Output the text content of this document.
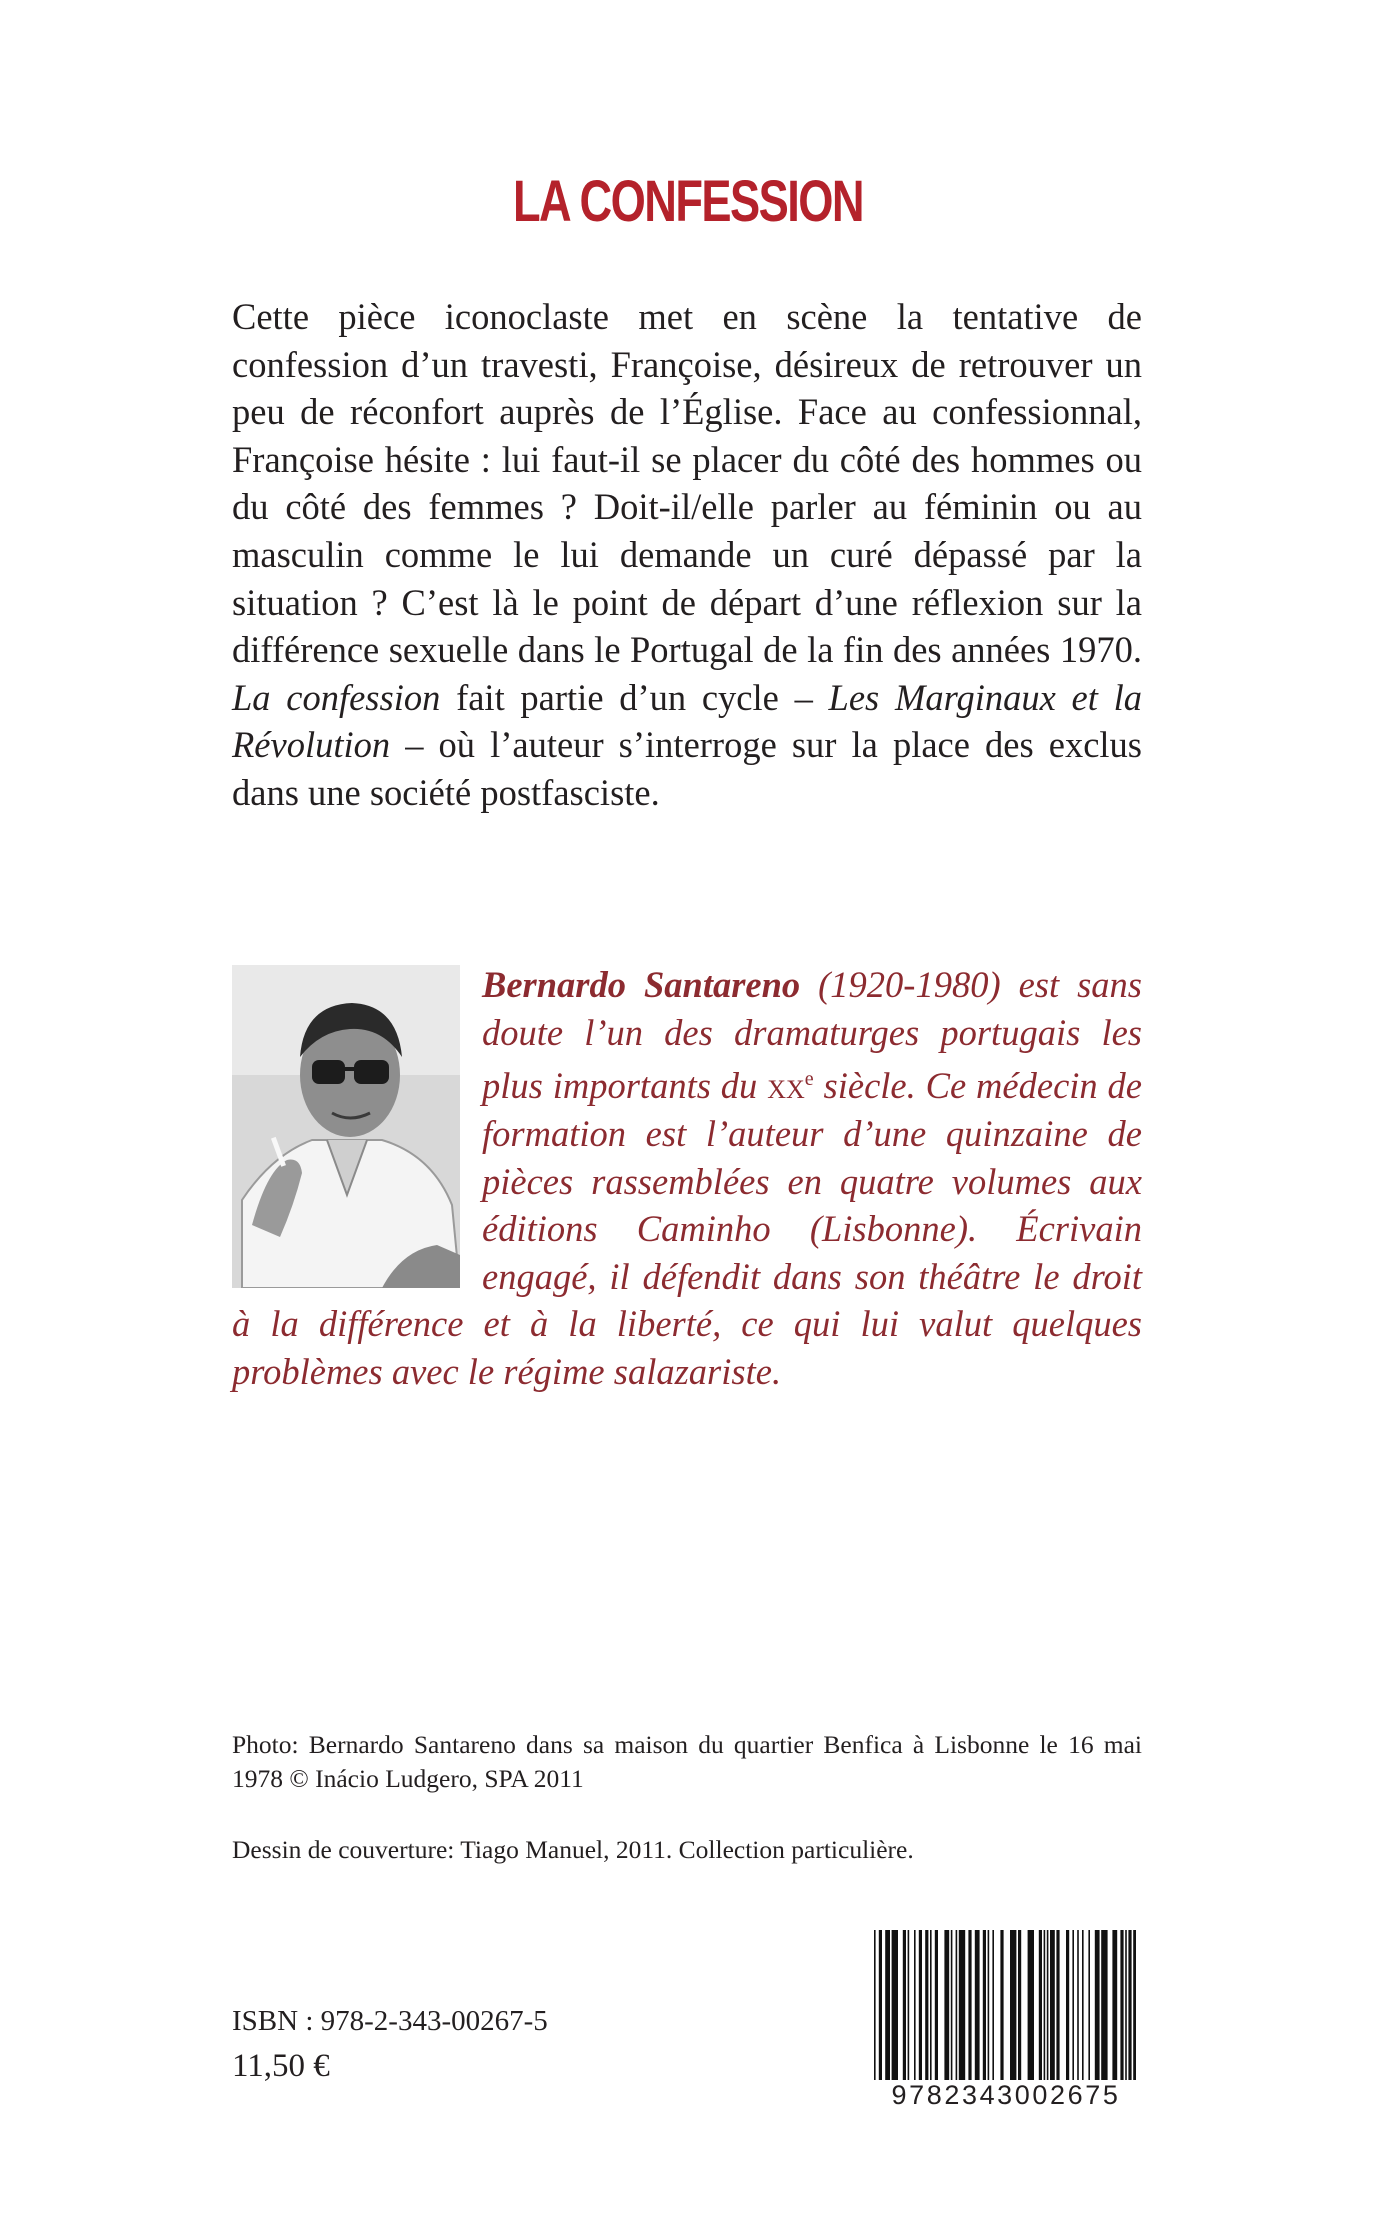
LA CONFESSION

Cette pièce iconoclaste met en scène la tentative de confession d’un travesti, Françoise, désireux de retrouver un peu de réconfort auprès de l’Église. Face au confessionnal, Françoise hésite : lui faut-il se placer du côté des hommes ou du côté des femmes ? Doit-il/elle parler au féminin ou au masculin comme le lui demande un curé dépassé par la situation ? C’est là le point de départ d’une réflexion sur la différence sexuelle dans le Portugal de la fin des années 1970. La confession fait partie d’un cycle – Les Marginaux et la Révolution – où l’auteur s’interroge sur la place des exclus dans une société postfasciste.

Bernardo Santareno (1920-1980) est sans doute l’un des dramaturges portugais les plus importants du $xx^e$ siècle. Ce médecin de formation est l’auteur d’une quinzaine de pièces rassemblées en quatre volumes aux éditions Caminho (Lisbonne). Écrivain engagé, il défendit dans son théâtre le droit à la différence et à la liberté, ce qui lui valut quelques problèmes avec le régime salazariste.

Photo: Bernardo Santareno dans sa maison du quartier Benfica à Lisbonne le 16 mai 1978 © Inácio Ludgero, SPA 2011

Dessin de couverture: Tiago Manuel, 2011. Collection particulière.

ISBN : 978-2-343-00267-5
11,50 €
9782343002675
